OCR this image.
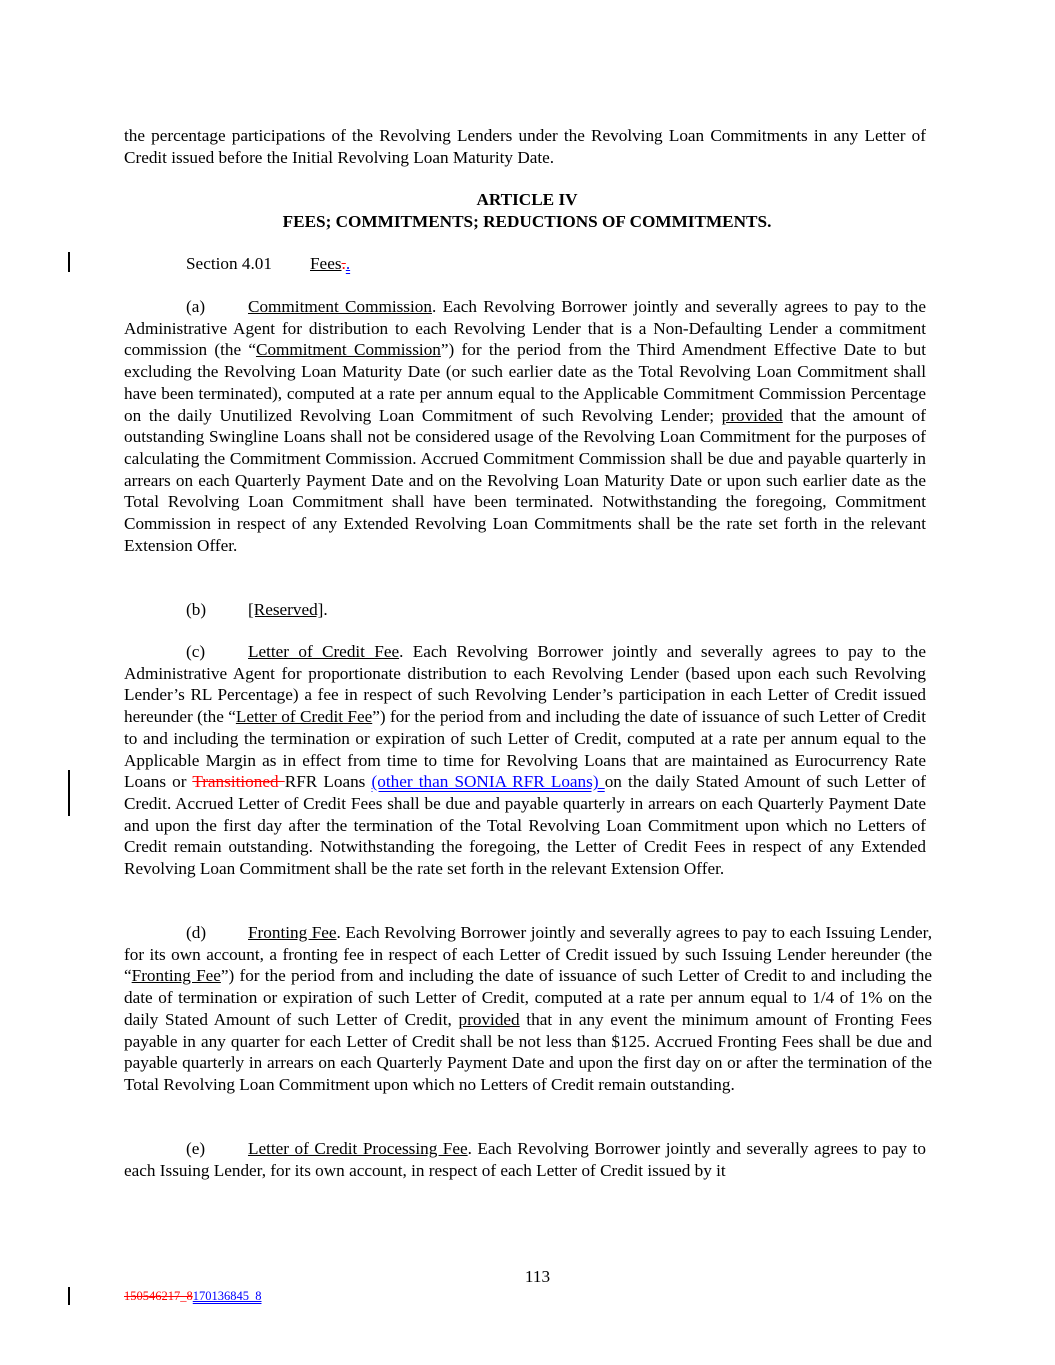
the percentage participations of the Revolving Lenders under the Revolving Loan Commitments in any Letter of Credit issued before the Initial Revolving Loan Maturity Date.

ARTICLE IV
FEES; COMMITMENTS; REDUCTIONS OF COMMITMENTS.
Section 4.01 Fees..

(a) Commitment Commission. Each Revolving Borrower jointly and severally agrees to pay to the Administrative Agent for distribution to each Revolving Lender that is a Non-Defaulting Lender a commitment commission (the “Commitment Commission”) for the period from the Third Amendment Effective Date to but excluding the Revolving Loan Maturity Date (or such earlier date as the Total Revolving Loan Commitment shall have been terminated), computed at a rate per annum equal to the Applicable Commitment Commission Percentage on the daily Unutilized Revolving Loan Commitment of such Revolving Lender; provided that the amount of outstanding Swingline Loans shall not be considered usage of the Revolving Loan Commitment for the purposes of calculating the Commitment Commission. Accrued Commitment Commission shall be due and payable quarterly in arrears on each Quarterly Payment Date and on the Revolving Loan Maturity Date or upon such earlier date as the Total Revolving Loan Commitment shall have been terminated. Notwithstanding the foregoing, Commitment Commission in respect of any Extended Revolving Loan Commitments shall be the rate set forth in the relevant Extension Offer.

(b) [Reserved].

(c) Letter of Credit Fee. Each Revolving Borrower jointly and severally agrees to pay to the Administrative Agent for proportionate distribution to each Revolving Lender (based upon each such Revolving Lender’s RL Percentage) a fee in respect of such Revolving Lender’s participation in each Letter of Credit issued hereunder (the “Letter of Credit Fee”) for the period from and including the date of issuance of such Letter of Credit to and including the termination or expiration of such Letter of Credit, computed at a rate per annum equal to the Applicable Margin as in effect from time to time for Revolving Loans that are maintained as Eurocurrency Rate Loans or Transitioned RFR Loans (other than SONIA RFR Loans) on the daily Stated Amount of such Letter of Credit. Accrued Letter of Credit Fees shall be due and payable quarterly in arrears on each Quarterly Payment Date and upon the first day after the termination of the Total Revolving Loan Commitment upon which no Letters of Credit remain outstanding. Notwithstanding the foregoing, the Letter of Credit Fees in respect of any Extended Revolving Loan Commitment shall be the rate set forth in the relevant Extension Offer.

(d) Fronting Fee. Each Revolving Borrower jointly and severally agrees to pay to each Issuing Lender, for its own account, a fronting fee in respect of each Letter of Credit issued by such Issuing Lender hereunder (the “Fronting Fee”) for the period from and including the date of issuance of such Letter of Credit to and including the date of termination or expiration of such Letter of Credit, computed at a rate per annum equal to 1/4 of 1% on the daily Stated Amount of such Letter of Credit, provided that in any event the minimum amount of Fronting Fees payable in any quarter for each Letter of Credit shall be not less than $125. Accrued Fronting Fees shall be due and payable quarterly in arrears on each Quarterly Payment Date and upon the first day on or after the termination of the Total Revolving Loan Commitment upon which no Letters of Credit remain outstanding.

(e) Letter of Credit Processing Fee. Each Revolving Borrower jointly and severally agrees to pay to each Issuing Lender, for its own account, in respect of each Letter of Credit issued by it

113
150546217_8170136845_8
